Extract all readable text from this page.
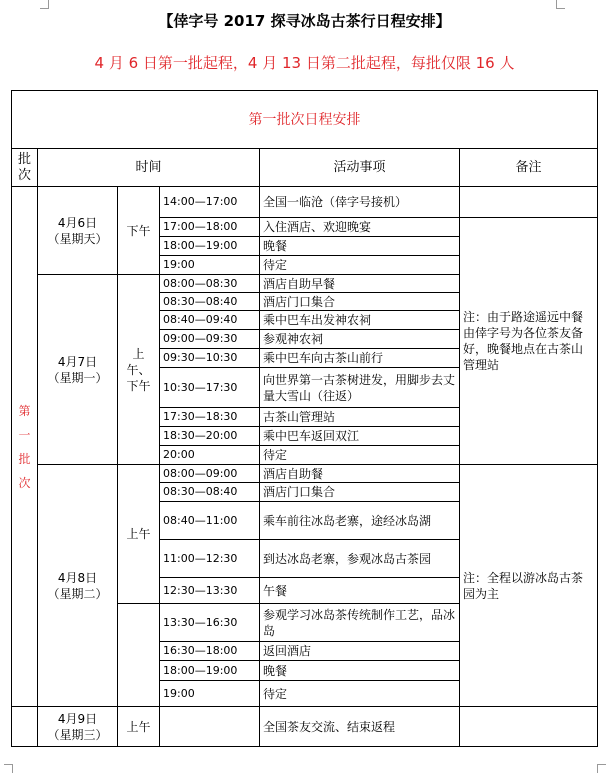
【倖字号 2017 探寻冰岛古茶行日程安排】
4 月 6 日第一批起程，4 月 13 日第二批起程，每批仅限 16 人
第一批次日程安排					
批次	时间			活动事项	备注

第一批次	4月6日
（星期天）	下午	14:00—17:00	全国一临沧（倖字号接机）	
			17:00—18:00	入住酒店、欢迎晚宴	注：由于路途遥远中餐由倖字号为各位茶友备好，晚餐地点在古茶山管理站
			18:00—19:00	晚餐	
			19:00	待定	

	4月7日
（星期一）	上午、下午	08:00—08:30	酒店自助早餐	
			08:30—08:40	酒店门口集合	
			08:40—09:40	乘中巴车出发神农祠	
			09:00—09:30	参观神农祠	
			09:30—10:30	乘中巴车向古茶山前行	
			10:30—17:30	向世界第一古茶树进发，用脚步去丈量大雪山（往返）	
			17:30—18:30	古茶山管理站	
			18:30—20:00	乘中巴车返回双江	
			20:00	待定	

	4月8日
（星期二）	上午	08:00—09:00	酒店自助餐	注：全程以游冰岛古茶园为主
			08:30—08:40	酒店门口集合	
			08:40—11:00	乘车前往冰岛老寨，途经冰岛湖	
			11:00—12:30	到达冰岛老寨，参观冰岛古茶园	
			12:30—13:30	午餐	
			13:30—16:30	参观学习冰岛茶传统制作工艺，品冰岛	
			16:30—18:00	返回酒店	
			18:00—19:00	晚餐	
			19:00	待定	

	4月9日
（星期三）	上午		全国茶友交流、结束返程	
